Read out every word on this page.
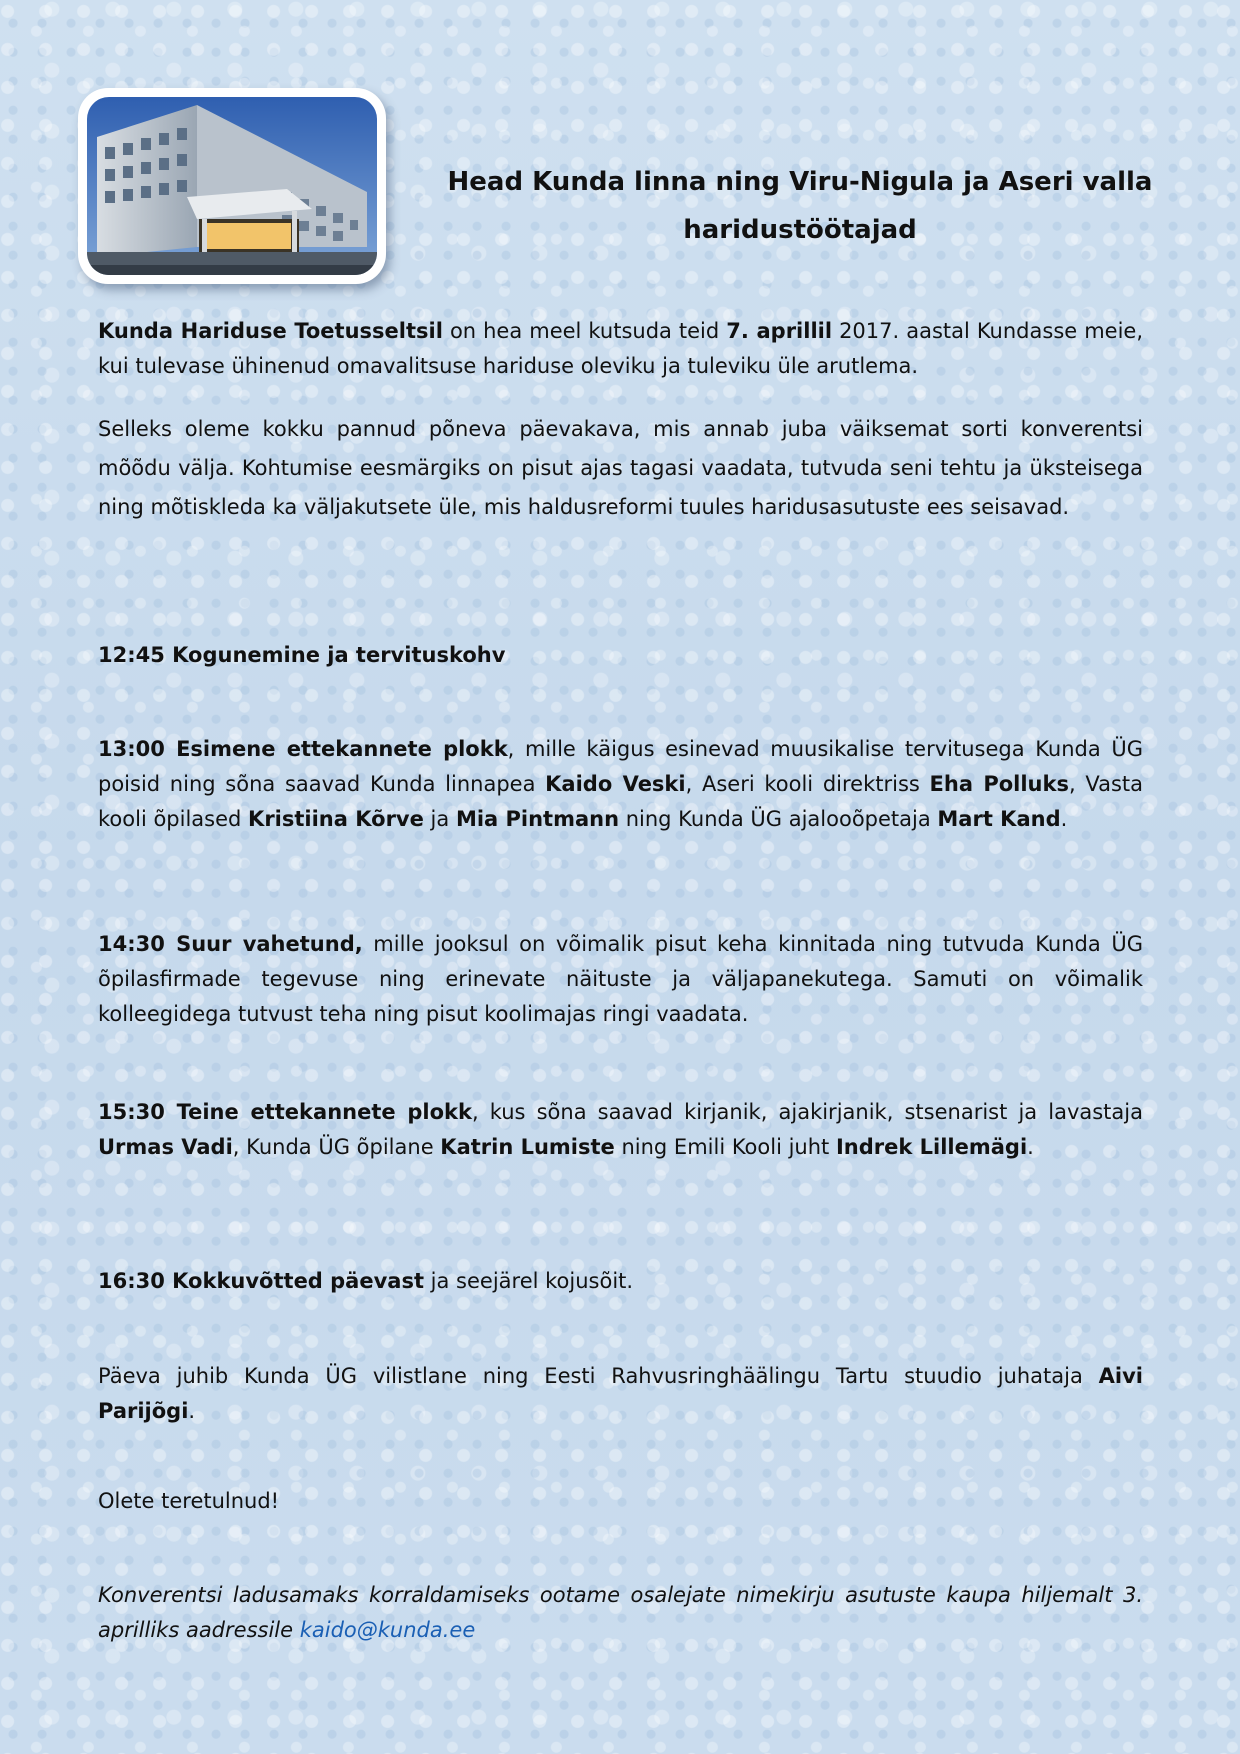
Head Kunda linna ning Viru-Nigula ja Aseri valla
haridustöötajad

Kunda Hariduse Toetusseltsil on hea meel kutsuda teid 7. aprillil 2017. aastal Kundasse meie, kui tulevase ühinenud omavalitsuse hariduse oleviku ja tuleviku üle arutlema.

Selleks oleme kokku pannud põneva päevakava, mis annab juba väiksemat sorti konverentsi mõõdu välja. Kohtumise eesmärgiks on pisut ajas tagasi vaadata, tutvuda seni tehtu ja üksteisega ning mõtiskleda ka väljakutsete üle, mis haldusreformi tuules haridusasutuste ees seisavad.

12:45 Kogunemine ja tervituskohv

13:00 Esimene ettekannete plokk, mille käigus esinevad muusikalise tervitusega Kunda ÜG poisid ning sõna saavad Kunda linnapea Kaido Veski, Aseri kooli direktriss Eha Polluks, Vasta kooli õpilased Kristiina Kõrve ja Mia Pintmann ning Kunda ÜG ajalooõpetaja Mart Kand.

14:30 Suur vahetund, mille jooksul on võimalik pisut keha kinnitada ning tutvuda Kunda ÜG õpilasfirmade tegevuse ning erinevate näituste ja väljapanekutega. Samuti on võimalik kolleegidega tutvust teha ning pisut koolimajas ringi vaadata.

15:30 Teine ettekannete plokk, kus sõna saavad kirjanik, ajakirjanik, stsenarist ja lavastaja Urmas Vadi, Kunda ÜG õpilane Katrin Lumiste ning Emili Kooli juht Indrek Lillemägi.

16:30 Kokkuvõtted päevast ja seejärel kojusõit.

Päeva juhib Kunda ÜG vilistlane ning Eesti Rahvusringhäälingu Tartu stuudio juhataja Aivi Parijõgi.

Olete teretulnud!

Konverentsi ladusamaks korraldamiseks ootame osalejate nimekirju asutuste kaupa hiljemalt 3. aprilliks aadressile kaido@kunda.ee
